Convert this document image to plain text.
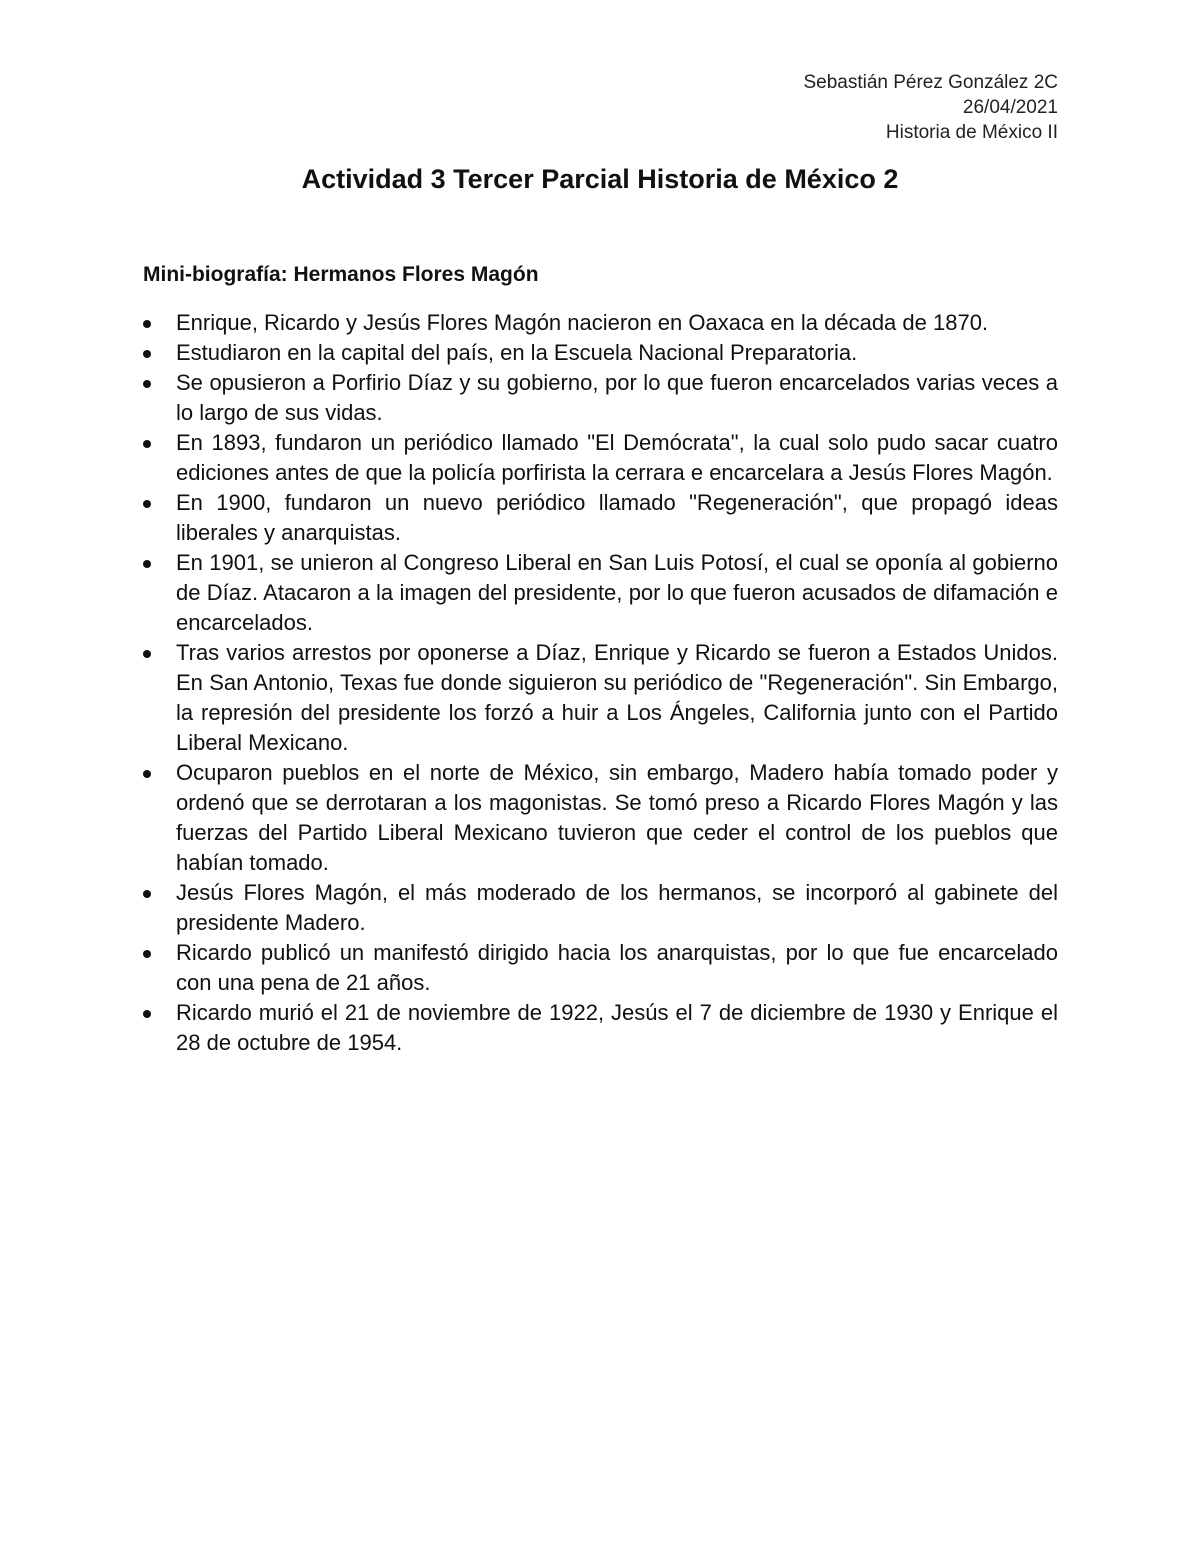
Sebastián Pérez González 2C
26/04/2021
Historia de México II
Actividad 3 Tercer Parcial Historia de México 2
Mini-biografía: Hermanos Flores Magón
Enrique, Ricardo y Jesús Flores Magón nacieron en Oaxaca en la década de 1870.
Estudiaron en la capital del país, en la Escuela Nacional Preparatoria.
Se opusieron a Porfirio Díaz y su gobierno, por lo que fueron encarcelados varias veces a lo largo de sus vidas.
En 1893, fundaron un periódico llamado "El Demócrata", la cual solo pudo sacar cuatro ediciones antes de que la policía porfirista la cerrara e encarcelara a Jesús Flores Magón.
En 1900, fundaron un nuevo periódico llamado "Regeneración", que propagó ideas liberales y anarquistas.
En 1901, se unieron al Congreso Liberal en San Luis Potosí, el cual se oponía al gobierno de Díaz. Atacaron a la imagen del presidente, por lo que fueron acusados de difamación e encarcelados.
Tras varios arrestos por oponerse a Díaz, Enrique y Ricardo se fueron a Estados Unidos. En San Antonio, Texas fue donde siguieron su periódico de "Regeneración". Sin Embargo, la represión del presidente los forzó a huir a Los Ángeles, California junto con el Partido Liberal Mexicano.
Ocuparon pueblos en el norte de México, sin embargo, Madero había tomado poder y ordenó que se derrotaran a los magonistas. Se tomó preso a Ricardo Flores Magón y las fuerzas del Partido Liberal Mexicano tuvieron que ceder el control de los pueblos que habían tomado.
Jesús Flores Magón, el más moderado de los hermanos, se incorporó al gabinete del presidente Madero.
Ricardo publicó un manifestó dirigido hacia los anarquistas, por lo que fue encarcelado con una pena de 21 años.
Ricardo murió el 21 de noviembre de 1922, Jesús el 7 de diciembre de 1930 y Enrique el 28 de octubre de 1954.
